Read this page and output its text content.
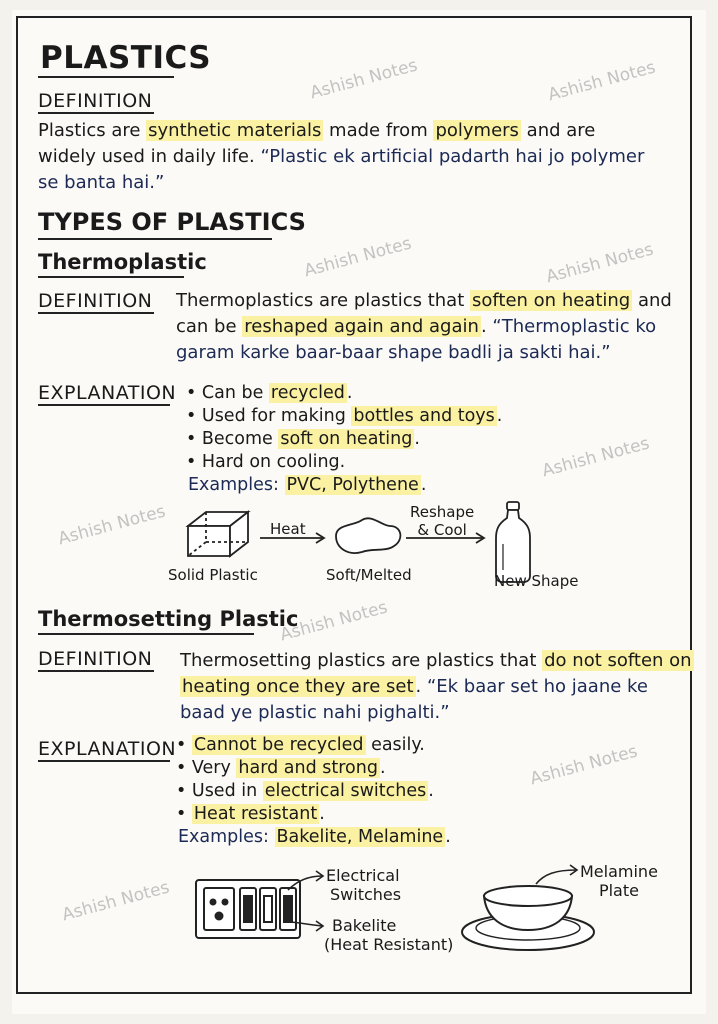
Ashish Notes	Ashish Notes
Ashish Notes	Ashish Notes
Ashish Notes
Ashish Notes
Ashish Notes
Ashish Notes
Ashish Notes
PLASTICS
DEFINITION
Plastics are synthetic materials made from polymers and are
widely used in daily life. “Plastic ek artificial padarth hai jo polymer
se banta hai.”
TYPES OF PLASTICS
Thermoplastic
DEFINITION Thermoplastics are plastics that soften on heating and
can be reshaped again and again . “Thermoplastic ko
garam karke baar-baar shape badli ja sakti hai.”
EXPLANATION • Can be recycled .
• Used for making bottles and toys .
• Become soft on heating .
• Hard on cooling.
Examples: PVC, Polythene .
Solid Plastic
Heat
Soft/Melted
Reshape
& Cool
New Shape
Thermosetting Plastic
DEFINITION Thermosetting plastics are plastics that do not soften on
heating once they are set . “Ek baar set ho jaane ke
baad ye plastic nahi pighalti.”
EXPLANATION • Cannot be recycled easily.
• Very hard and strong .
• Used in electrical switches .
• Heat resistant .
Examples: Bakelite, Melamine .
Electrical
Switches
Bakelite
(Heat Resistant)
Melamine
Plate
